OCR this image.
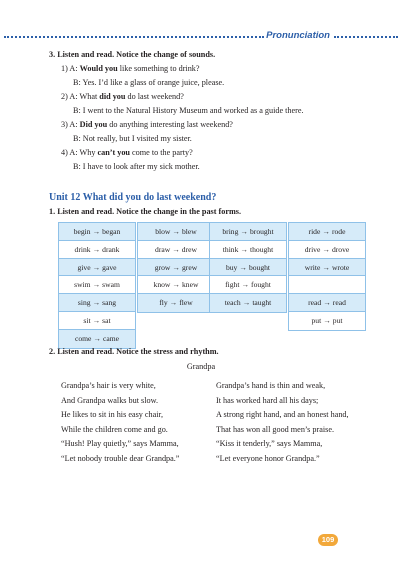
Pronunciation
3. Listen and read. Notice the change of sounds.
1) A: Would you like something to drink?
B: Yes. I’d like a glass of orange juice, please.
2) A: What did you do last weekend?
B: I went to the Natural History Museum and worked as a guide there.
3) A: Did you do anything interesting last weekend?
B: Not really, but I visited my sister.
4) A: Why can’t you come to the party?
B: I have to look after my sick mother.
Unit 12 What did you do last weekend?
1. Listen and read. Notice the change in the past forms.
begin → began
drink → drank
give → gave
swim → swam
sing → sang
sit → sat
come → came
blow → blew
draw → drew
grow → grew
know → knew
fly → flew
bring → brought
think → thought
buy → bought
fight → fought
teach → taught
ride → rode
drive → drove
write → wrote
read → read
put → put
2. Listen and read. Notice the stress and rhythm.
Grandpa
Grandpa’s hair is very white,
And Grandpa walks but slow.
He likes to sit in his easy chair,
While the children come and go.
“Hush! Play quietly,” says Mamma,
“Let nobody trouble dear Grandpa.”
Grandpa’s hand is thin and weak,
It has worked hard all his days;
A strong right hand, and an honest hand,
That has won all good men’s praise.
“Kiss it tenderly,” says Mamma,
“Let everyone honor Grandpa.”
109
